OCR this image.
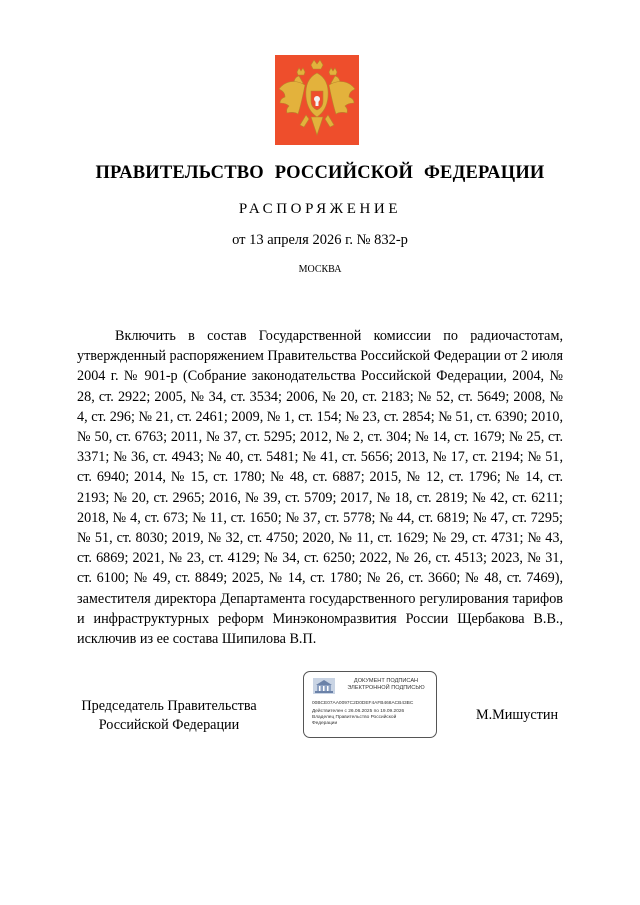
ПРАВИТЕЛЬСТВО РОССИЙСКОЙ ФЕДЕРАЦИИ
РАСПОРЯЖЕНИЕ
от 13 апреля 2026 г. № 832-р
МОСКВА
Включить в состав Государственной комиссии по радиочастотам, утвержденный распоряжением Правительства Российской Федерации от 2 июля 2004 г. № 901-р (Собрание законодательства Российской Федерации, 2004, № 28, ст. 2922; 2005, № 34, ст. 3534; 2006, № 20, ст. 2183; № 52, ст. 5649; 2008, № 4, ст. 296; № 21, ст. 2461; 2009, № 1, ст. 154; № 23, ст. 2854; № 51, ст. 6390; 2010, № 50, ст. 6763; 2011, № 37, ст. 5295; 2012, № 2, ст. 304; № 14, ст. 1679; № 25, ст. 3371; № 36, ст. 4943; № 40, ст. 5481; № 41, ст. 5656; 2013, № 17, ст. 2194; № 51, ст. 6940; 2014, № 15, ст. 1780; № 48, ст. 6887; 2015, № 12, ст. 1796; № 14, ст. 2193; № 20, ст. 2965; 2016, № 39, ст. 5709; 2017, № 18, ст. 2819; № 42, ст. 6211; 2018, № 4, ст. 673; № 11, ст. 1650; № 37, ст. 5778; № 44, ст. 6819; № 47, ст. 7295; № 51, ст. 8030; 2019, № 32, ст. 4750; 2020, № 11, ст. 1629; № 29, ст. 4731; № 43, ст. 6869; 2021, № 23, ст. 4129; № 34, ст. 6250; 2022, № 26, ст. 4513; 2023, № 31, ст. 6100; № 49, ст. 8849; 2025, № 14, ст. 1780; № 26, ст. 3660; № 48, ст. 7469), заместителя директора Департамента государственного регулирования тарифов и инфраструктурных реформ Минэкономразвития России Щербакова В.В., исключив из ее состава Шипилова В.П.
Председатель Правительства
Российской Федерации
ДОКУМЕНТ ПОДПИСАН
ЭЛЕКТРОННОЙ ПОДПИСЬЮ
00BCE07AA0097C2D0DEF4AFB468ACB43BC
Действителен с 26.06.2025 по 19.09.2026
Владелец Правительство Российской
Федерации
М.Мишустин
